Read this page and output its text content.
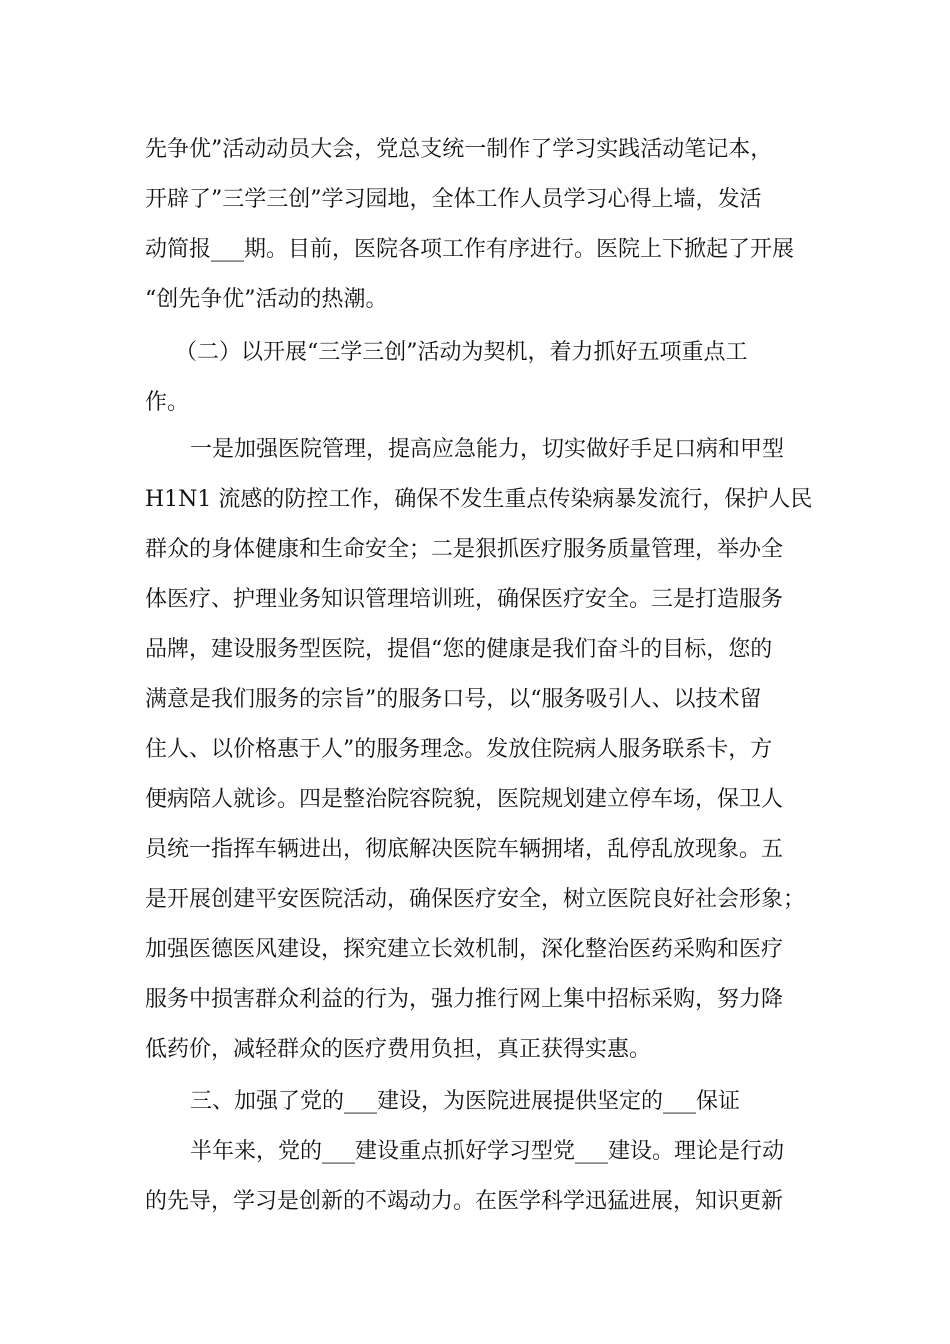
先争优”活动动员大会，党总支统一制作了学习实践活动笔记本，
开辟了”三学三创”学习园地，全体工作人员学习心得上墙，发活
动简报___期。目前，医院各项工作有序进行。医院上下掀起了开展
“创先争优”活动的热潮。
（二）以开展“三学三创”活动为契机，着力抓好五项重点工
作。
一是加强医院管理，提高应急能力，切实做好手足口病和甲型
H1N1 流感的防控工作，确保不发生重点传染病暴发流行，保护人民
群众的身体健康和生命安全；二是狠抓医疗服务质量管理，举办全
体医疗、护理业务知识管理培训班，确保医疗安全。三是打造服务
品牌，建设服务型医院，提倡“您的健康是我们奋斗的目标，您的
满意是我们服务的宗旨”的服务口号，以“服务吸引人、以技术留
住人、以价格惠于人”的服务理念。发放住院病人服务联系卡，方
便病陪人就诊。四是整治院容院貌，医院规划建立停车场，保卫人
员统一指挥车辆进出，彻底解决医院车辆拥堵，乱停乱放现象。五
是开展创建平安医院活动，确保医疗安全，树立医院良好社会形象；
加强医德医风建设，探究建立长效机制，深化整治医药采购和医疗
服务中损害群众利益的行为，强力推行网上集中招标采购，努力降
低药价，减轻群众的医疗费用负担，真正获得实惠。
三、加强了党的___建设，为医院进展提供坚定的___保证
半年来，党的___建设重点抓好学习型党___建设。理论是行动
的先导，学习是创新的不竭动力。在医学科学迅猛进展，知识更新
